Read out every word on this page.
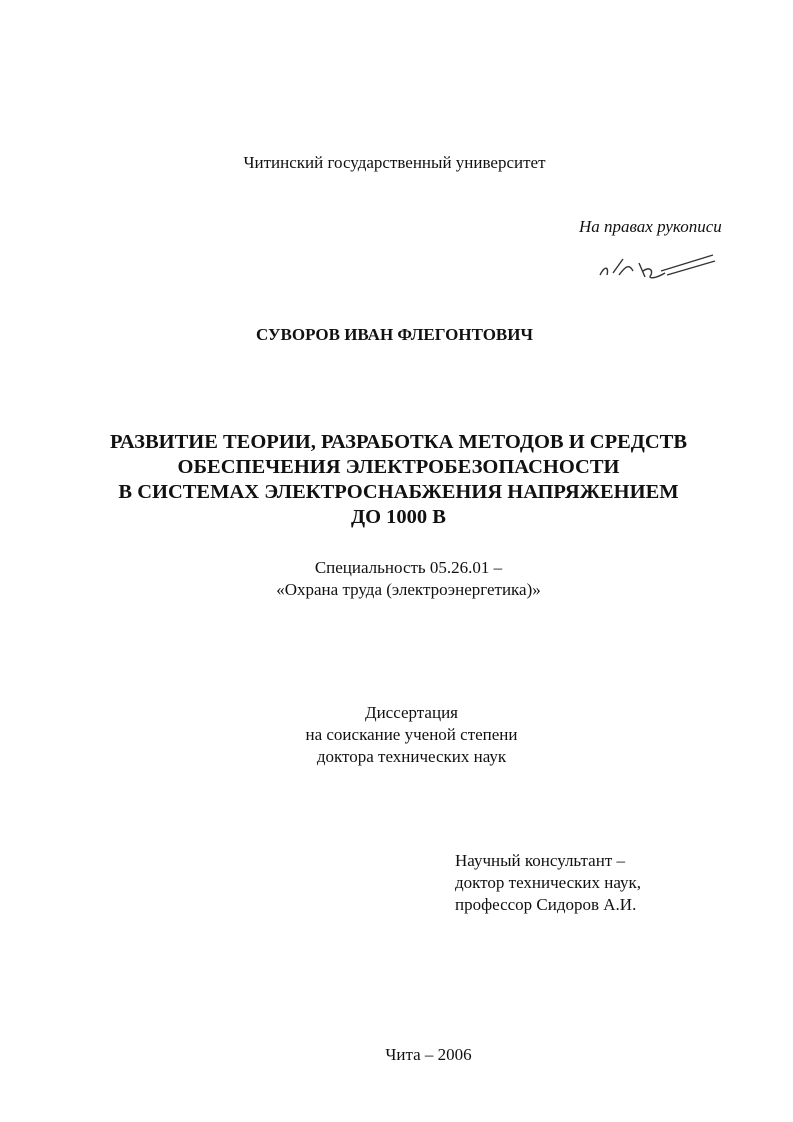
Читинский государственный университет
На правах рукописи
СУВОРОВ ИВАН ФЛЕГОНТОВИЧ
РАЗВИТИЕ ТЕОРИИ, РАЗРАБОТКА МЕТОДОВ И СРЕДСТВ
ОБЕСПЕЧЕНИЯ ЭЛЕКТРОБЕЗОПАСНОСТИ
В СИСТЕМАХ ЭЛЕКТРОСНАБЖЕНИЯ НАПРЯЖЕНИЕМ
ДО 1000 В
Специальность 05.26.01 –
«Охрана труда (электроэнергетика)»
Диссертация
на соискание ученой степени
доктора технических наук
Научный консультант –
доктор технических наук,
профессор Сидоров А.И.
Чита – 2006
